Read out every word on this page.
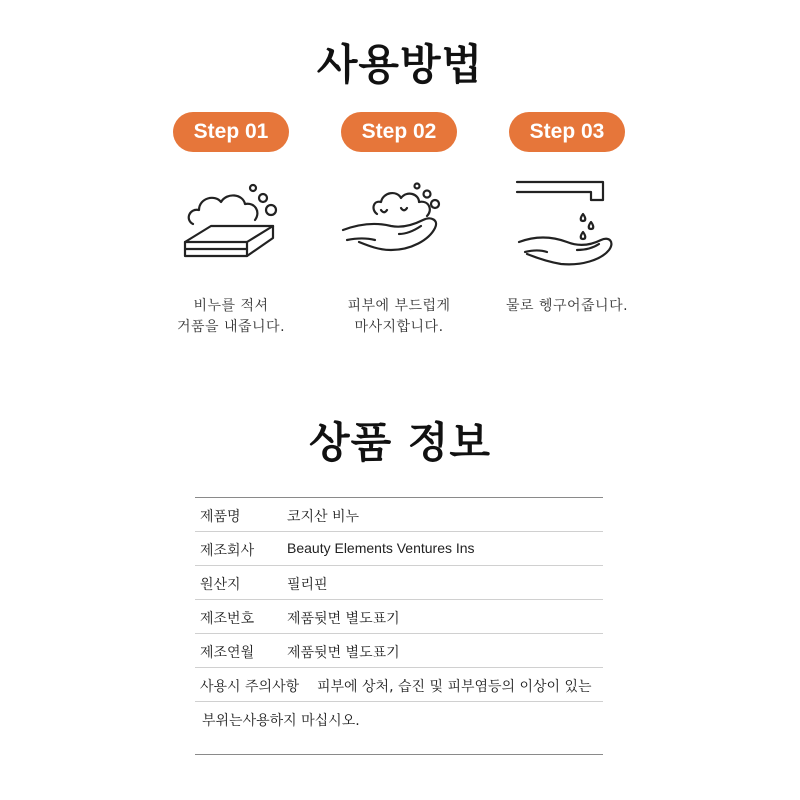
사용방법
Step 01
비누를 적셔
거품을 내줍니다.
Step 02
피부에 부드럽게
마사지합니다.
Step 03
물로 헹구어줍니다.
상품 정보
제품명	코지산 비누
제조회사 Beauty Elements Ventures Ins
원산지	필리핀
제조번호 제품뒷면 별도표기
제조연월 제품뒷면 별도표기
사용시 주의사항 피부에 상처, 습진 및 피부염등의 이상이 있는
부위는사용하지 마십시오.
